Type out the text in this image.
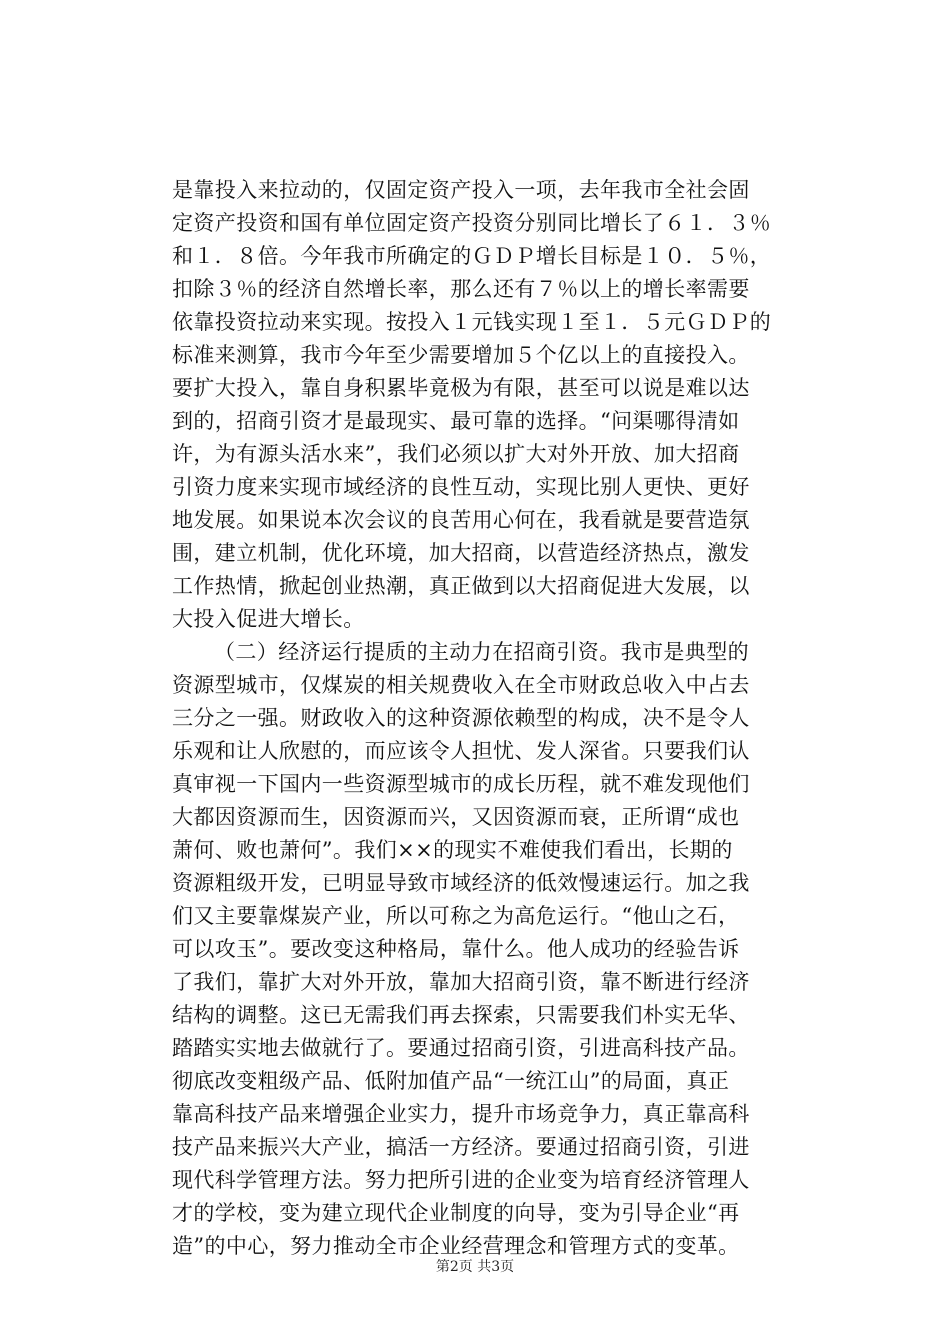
是靠投入来拉动的，仅固定资产投入一项，去年我市全社会固
定资产投资和国有单位固定资产投资分别同比增长了６１．３％
和１．８倍。今年我市所确定的ＧＤＰ增长目标是１０．５％，
扣除３％的经济自然增长率，那么还有７％以上的增长率需要
依靠投资拉动来实现。按投入１元钱实现１至１．５元ＧＤＰ的
标准来测算，我市今年至少需要增加５个亿以上的直接投入。
要扩大投入，靠自身积累毕竟极为有限，甚至可以说是难以达
到的，招商引资才是最现实、最可靠的选择。“问渠哪得清如
许，为有源头活水来”，我们必须以扩大对外开放、加大招商
引资力度来实现市域经济的良性互动，实现比别人更快、更好
地发展。如果说本次会议的良苦用心何在，我看就是要营造氛
围，建立机制，优化环境，加大招商，以营造经济热点，激发
工作热情，掀起创业热潮，真正做到以大招商促进大发展，以
大投入促进大增长。
（二）经济运行提质的主动力在招商引资。我市是典型的
资源型城市，仅煤炭的相关规费收入在全市财政总收入中占去
三分之一强。财政收入的这种资源依赖型的构成，决不是令人
乐观和让人欣慰的，而应该令人担忧、发人深省。只要我们认
真审视一下国内一些资源型城市的成长历程，就不难发现他们
大都因资源而生，因资源而兴，又因资源而衰，正所谓“成也
萧何、败也萧何”。我们××的现实不难使我们看出，长期的
资源粗级开发，已明显导致市域经济的低效慢速运行。加之我
们又主要靠煤炭产业，所以可称之为高危运行。“他山之石，
可以攻玉”。要改变这种格局，靠什么。他人成功的经验告诉
了我们，靠扩大对外开放，靠加大招商引资，靠不断进行经济
结构的调整。这已无需我们再去探索，只需要我们朴实无华、
踏踏实实地去做就行了。要通过招商引资，引进高科技产品。
彻底改变粗级产品、低附加值产品“一统江山”的局面，真正
靠高科技产品来增强企业实力，提升市场竞争力，真正靠高科
技产品来振兴大产业，搞活一方经济。要通过招商引资，引进
现代科学管理方法。努力把所引进的企业变为培育经济管理人
才的学校，变为建立现代企业制度的向导，变为引导企业“再
造”的中心，努力推动全市企业经营理念和管理方式的变革。
第2页 共3页
